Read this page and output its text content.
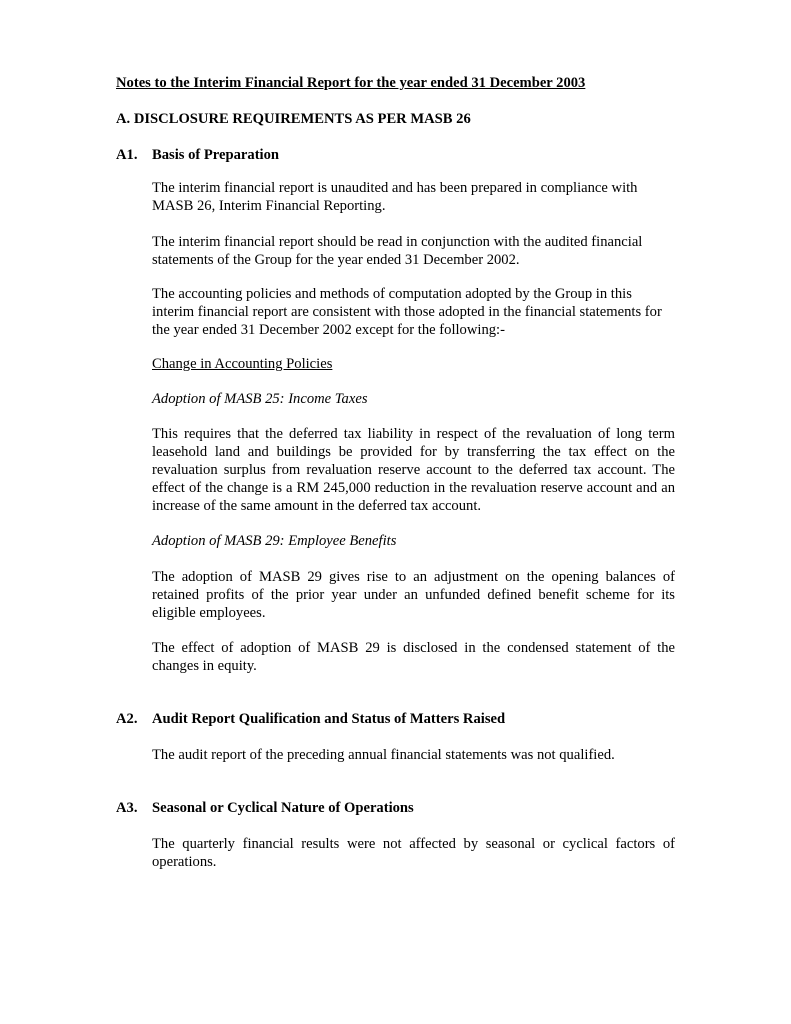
Notes to the Interim Financial Report for the year ended 31 December 2003
A. DISCLOSURE REQUIREMENTS AS PER MASB 26
A1. Basis of Preparation

The interim financial report is unaudited and has been prepared in compliance with MASB 26, Interim Financial Reporting.

The interim financial report should be read in conjunction with the audited financial statements of the Group for the year ended 31 December 2002.

The accounting policies and methods of computation adopted by the Group in this interim financial report are consistent with those adopted in the financial statements for the year ended 31 December 2002 except for the following:-

Change in Accounting Policies

Adoption of MASB 25: Income Taxes

This requires that the deferred tax liability in respect of the revaluation of long term leasehold land and buildings be provided for by transferring the tax effect on the revaluation surplus from revaluation reserve account to the deferred tax account. The effect of the change is a RM 245,000 reduction in the revaluation reserve account and an increase of the same amount in the deferred tax account.

Adoption of MASB 29: Employee Benefits

The adoption of MASB 29 gives rise to an adjustment on the opening balances of retained profits of the prior year under an unfunded defined benefit scheme for its eligible employees.

The effect of adoption of MASB 29 is disclosed in the condensed statement of the changes in equity.

A2. Audit Report Qualification and Status of Matters Raised

The audit report of the preceding annual financial statements was not qualified.

A3. Seasonal or Cyclical Nature of Operations

The quarterly financial results were not affected by seasonal or cyclical factors of operations.
